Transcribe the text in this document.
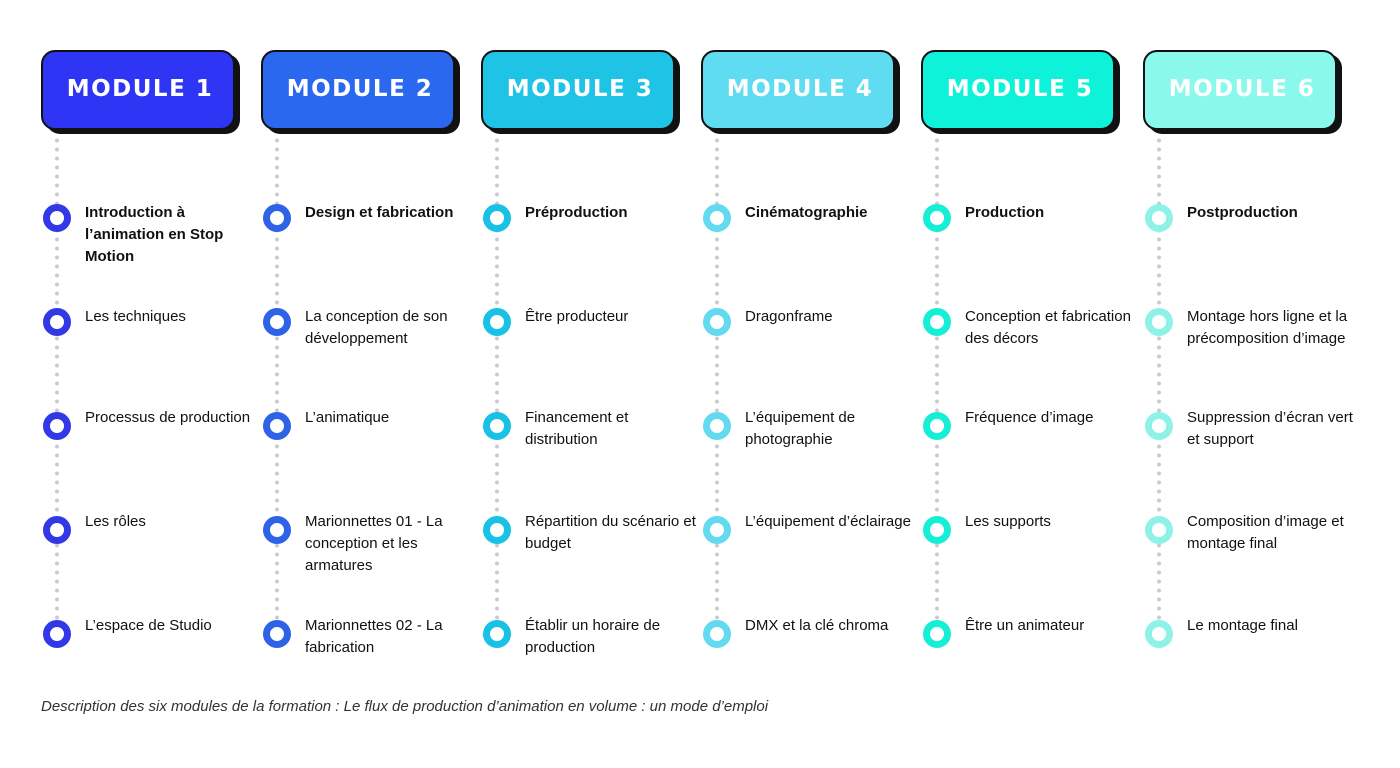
MODULE 1
Introduction à l’animation en Stop Motion
Les techniques
Processus de production
Les rôles
L’espace de Studio
MODULE 2
Design et fabrication
La conception de son développement
L’animatique
Marionnettes 01 - La conception et les armatures
Marionnettes 02 - La fabrication
MODULE 3
Préproduction
Être producteur
Financement et distribution
Répartition du scénario et budget
Établir un horaire de production
MODULE 4
Cinématographie
Dragonframe
L’équipement de photographie
L’équipement d’éclairage
DMX et la clé chroma
MODULE 5
Production
Conception et fabrication des décors
Fréquence d’image
Les supports
Être un animateur
MODULE 6
Postproduction
Montage hors ligne et la précomposition d’image
Suppression d’écran vert et support
Composition d’image et montage final
Le montage final
Description des six modules de la formation : Le flux de production d’animation en volume : un mode d’emploi
